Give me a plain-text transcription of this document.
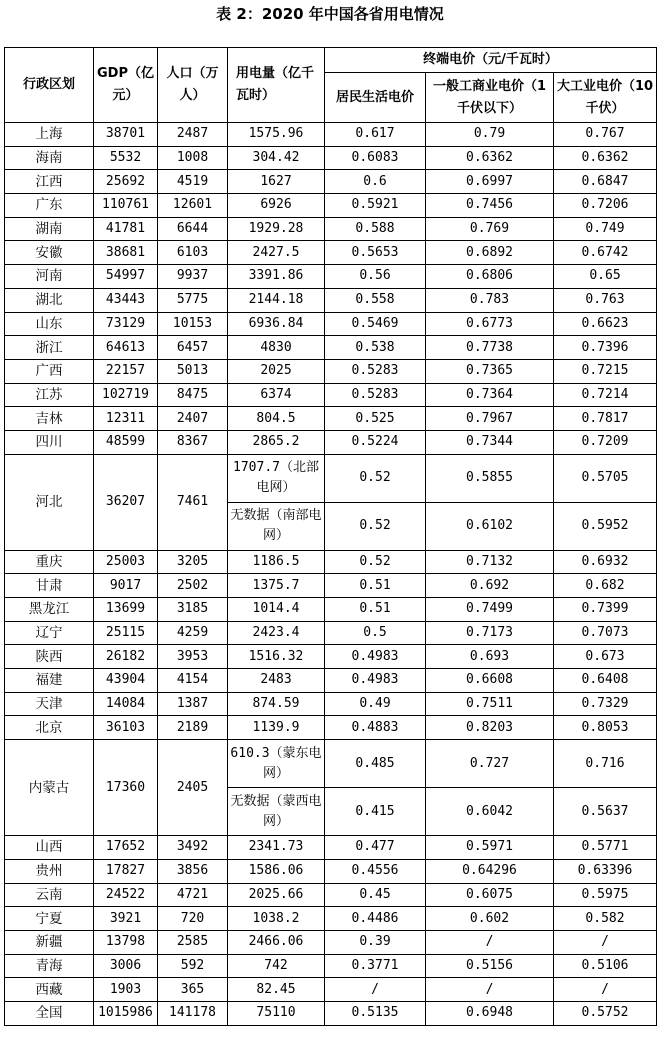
表 2：2020 年中国各省用电情况
行政区划	GDP（亿元）	人口（万人）	用电量（亿千瓦时）	终端电价（元/千瓦时）		
				居民生活电价	一般工商业电价（1 千伏以下）	大工业电价（10 千伏）
上海	38701	2487	1575.96	0.617	0.79	0.767
海南	5532	1008	304.42	0.6083	0.6362	0.6362
江西	25692	4519	1627	0.6	0.6997	0.6847
广东	110761	12601	6926	0.5921	0.7456	0.7206
湖南	41781	6644	1929.28	0.588	0.769	0.749
安徽	38681	6103	2427.5	0.5653	0.6892	0.6742
河南	54997	9937	3391.86	0.56	0.6806	0.65
湖北	43443	5775	2144.18	0.558	0.783	0.763
山东	73129	10153	6936.84	0.5469	0.6773	0.6623
浙江	64613	6457	4830	0.538	0.7738	0.7396
广西	22157	5013	2025	0.5283	0.7365	0.7215
江苏	102719	8475	6374	0.5283	0.7364	0.7214
吉林	12311	2407	804.5	0.525	0.7967	0.7817
四川	48599	8367	2865.2	0.5224	0.7344	0.7209
河北	36207	7461	1707.7（北部电网）	0.52	0.5855	0.5705
			无数据（南部电网）	0.52	0.6102	0.5952
重庆	25003	3205	1186.5	0.52	0.7132	0.6932
甘肃	9017	2502	1375.7	0.51	0.692	0.682
黑龙江	13699	3185	1014.4	0.51	0.7499	0.7399
辽宁	25115	4259	2423.4	0.5	0.7173	0.7073
陕西	26182	3953	1516.32	0.4983	0.693	0.673
福建	43904	4154	2483	0.4983	0.6608	0.6408
天津	14084	1387	874.59	0.49	0.7511	0.7329
北京	36103	2189	1139.9	0.4883	0.8203	0.8053
内蒙古	17360	2405	610.3（蒙东电网）	0.485	0.727	0.716
			无数据（蒙西电网）	0.415	0.6042	0.5637
山西	17652	3492	2341.73	0.477	0.5971	0.5771
贵州	17827	3856	1586.06	0.4556	0.64296	0.63396
云南	24522	4721	2025.66	0.45	0.6075	0.5975
宁夏	3921	720	1038.2	0.4486	0.602	0.582
新疆	13798	2585	2466.06	0.39	/	/
青海	3006	592	742	0.3771	0.5156	0.5106
西藏	1903	365	82.45	/	/	/
全国	1015986	141178	75110	0.5135	0.6948	0.5752
